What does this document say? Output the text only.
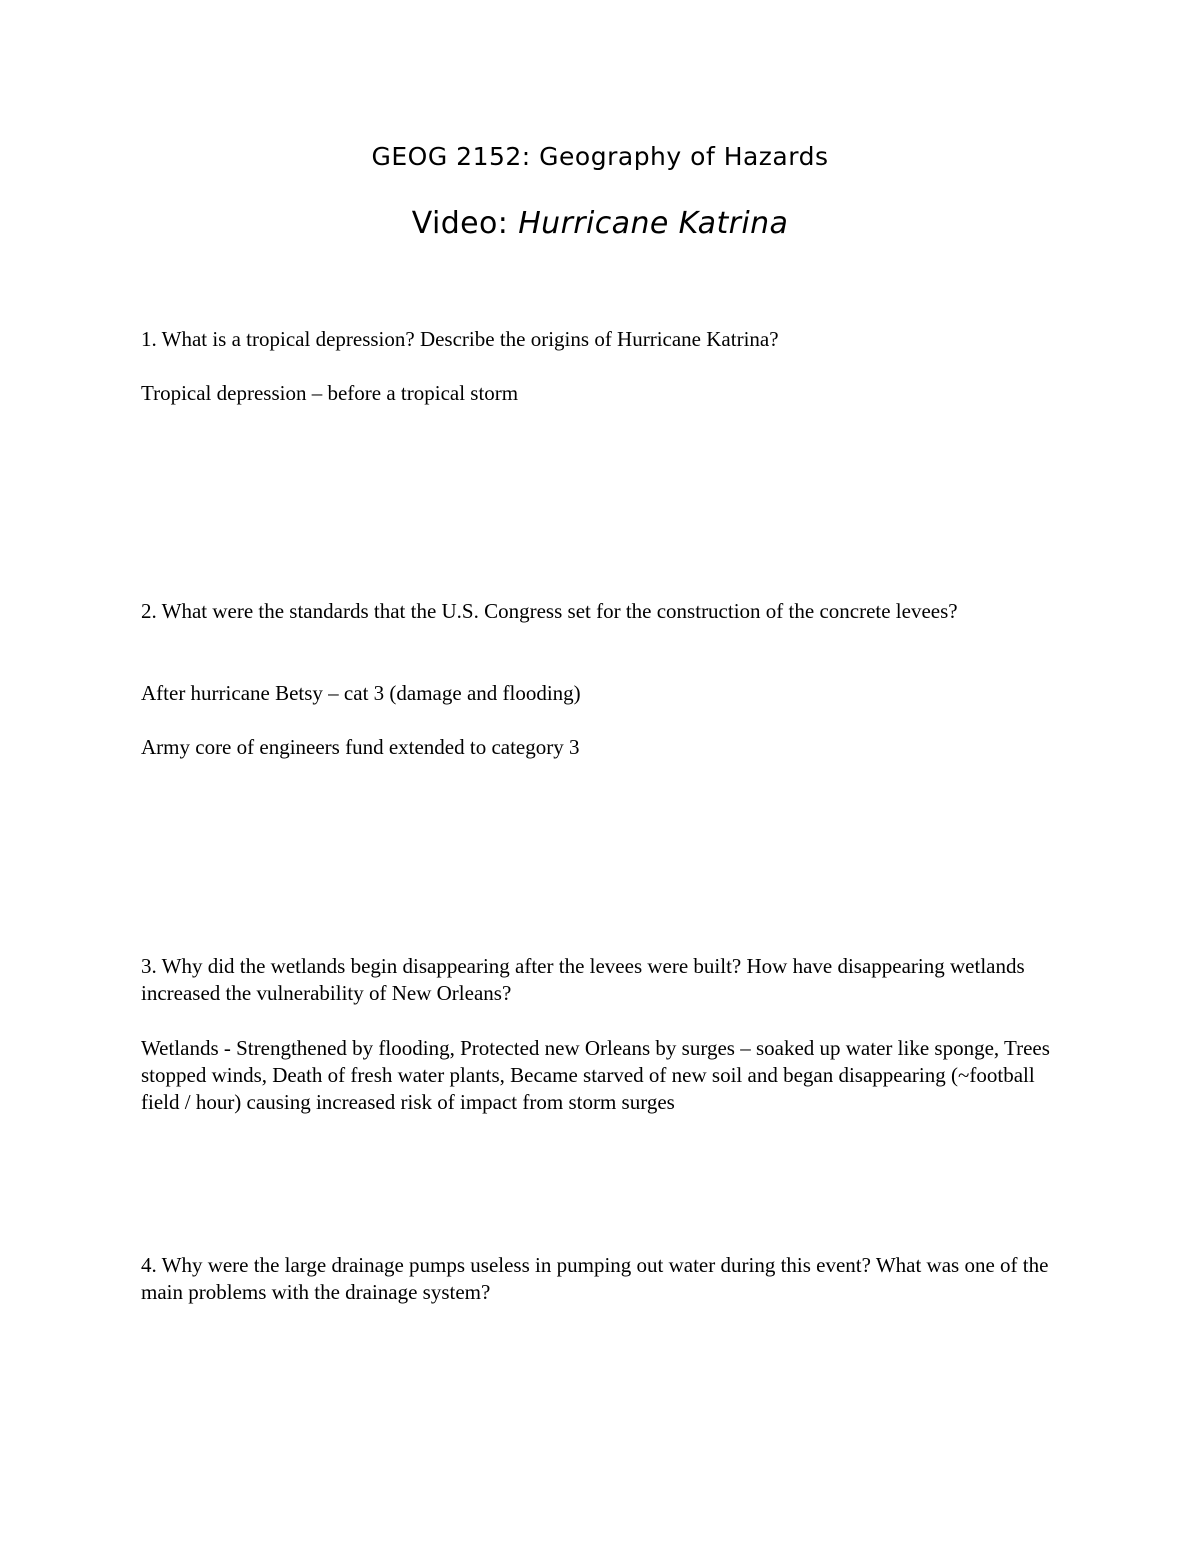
GEOG 2152: Geography of Hazards
Video: Hurricane Katrina
1. What is a tropical depression? Describe the origins of Hurricane Katrina?
Tropical depression – before a tropical storm
2. What were the standards that the U.S. Congress set for the construction of the concrete levees?
After hurricane Betsy – cat 3 (damage and flooding)
Army core of engineers fund extended to category 3
3. Why did the wetlands begin disappearing after the levees were built? How have disappearing wetlands increased the vulnerability of New Orleans?
Wetlands - Strengthened by flooding, Protected new Orleans by surges – soaked up water like sponge, Trees stopped winds, Death of fresh water plants, Became starved of new soil and began disappearing (~football field / hour) causing increased risk of impact from storm surges
4. Why were the large drainage pumps useless in pumping out water during this event? What was one of the main problems with the drainage system?
